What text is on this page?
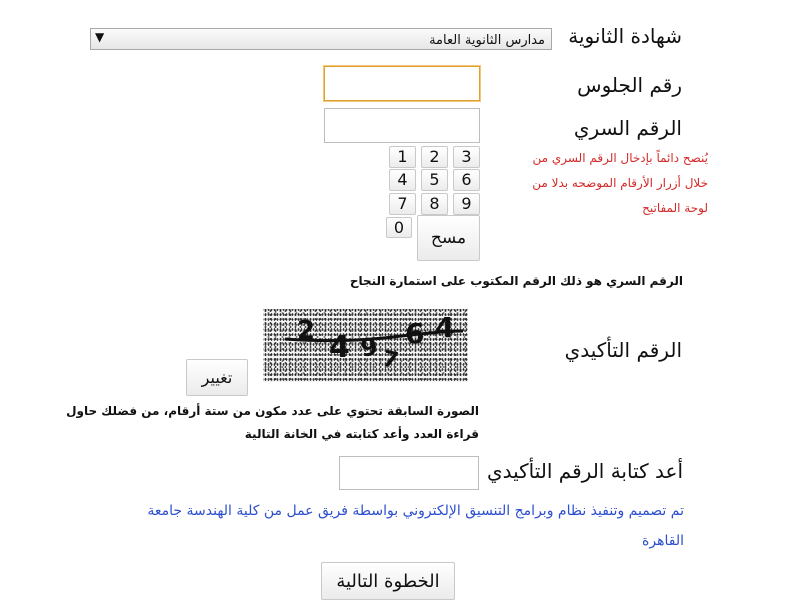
شهادة الثانوية
مدارس الثانوية العامة
▼
رقم الجلوس
الرقم السري
1	2	3
4	5	6
7	8	9
0
مسح
يُنصح دائماً بإدخال الرقم السري من
خلال أزرار الأرقام الموضحه بدلا من
لوحة المفاتيح
الرقم السري هو ذلك الرقم المكتوب على استمارة النجاح
الرقم التأكيدي
2 4 9 7
6 4
تغيير
الصورة السابقة تحتوي على عدد مكون من ستة أرقام، من فضلك حاول
قراءة العدد وأعد كتابته في الخانة التالية
أعد كتابة الرقم التأكيدي
تم تصميم وتنفيذ نظام وبرامج التنسيق الإلكتروني بواسطة فريق عمل من كلية الهندسة جامعة
القاهرة
الخطوة التالية
